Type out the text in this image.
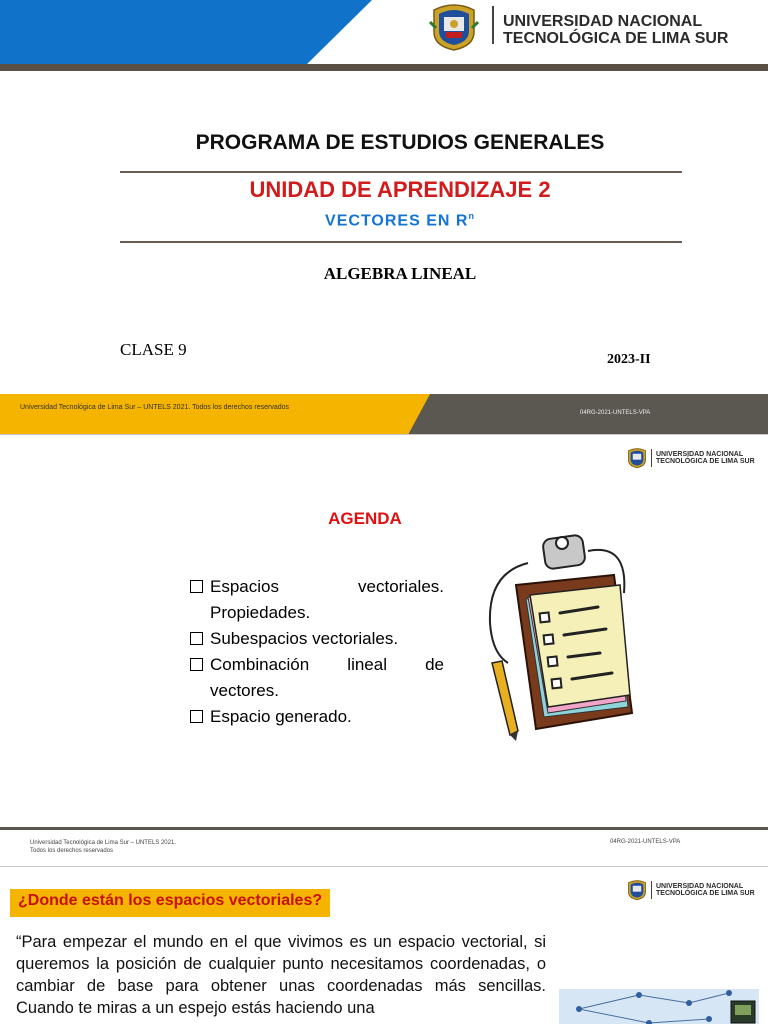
UNIVERSIDAD NACIONAL
TECNOLÓGICA DE LIMA SUR
PROGRAMA DE ESTUDIOS GENERALES
UNIDAD DE APRENDIZAJE 2
VECTORES EN $R^n$
ALGEBRA LINEAL
CLASE 9
2023-II
Universidad Tecnológica de Lima Sur – UNTELS 2021. Todos los derechos reservados
04RG-2021-UNTELS-VPA
UNIVERSIDAD NACIONAL
TECNOLÓGICA DE LIMA SUR
AGENDA
Espacios vectoriales. Propiedades.
Subespacios vectoriales.
Combinación lineal de vectores.
Espacio generado.
Universidad Tecnológica de Lima Sur – UNTELS 2021.
Todos los derechos reservados
04RG-2021-UNTELS-VPA
UNIVERSIDAD NACIONAL
TECNOLÓGICA DE LIMA SUR
¿Donde están los espacios vectoriales?

“Para empezar el mundo en el que vivimos es un espacio vectorial, si queremos la posición de cualquier punto necesitamos coordenadas, o cambiar de base para obtener unas coordenadas más sencillas. Cuando te miras a un espejo estás haciendo una
